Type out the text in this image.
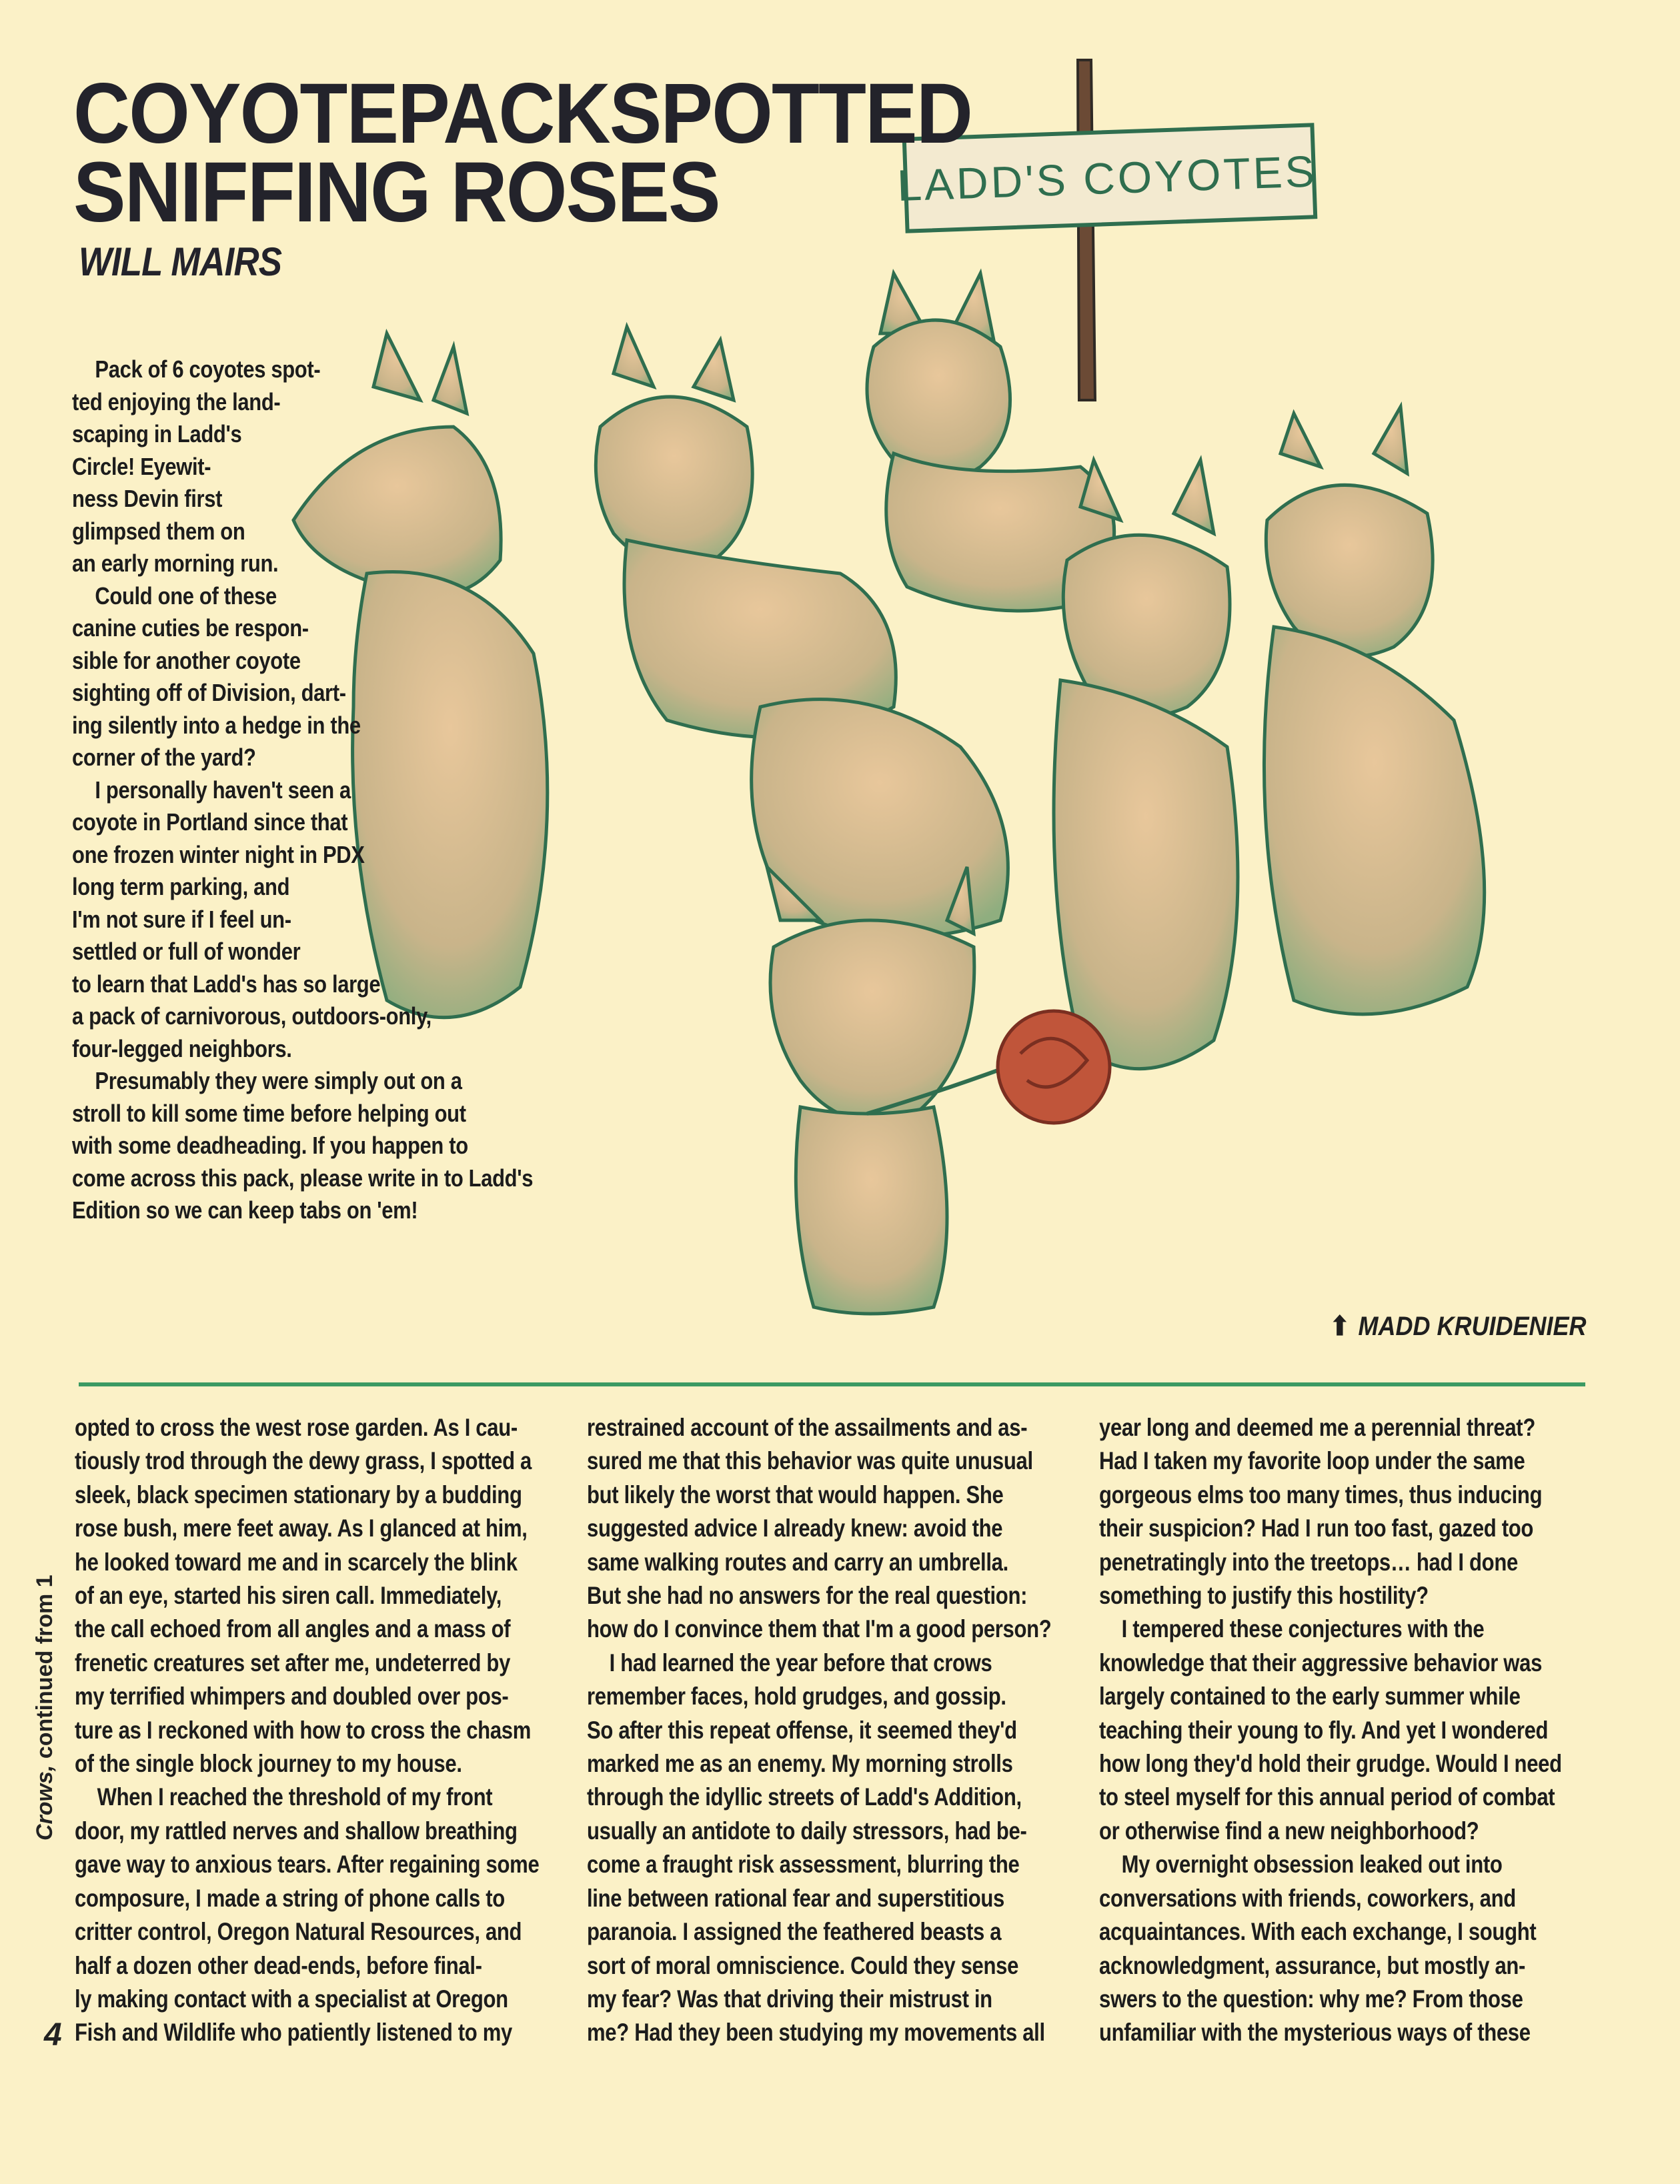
LADD'S COYOTES
COYOTE PACK SPOTTED
SNIFFING ROSES
WILL MAIRS
Pack of 6 coyotes spot-
ted enjoying the land-
scaping in Ladd's
Circle! Eyewit-
ness Devin first
glimpsed them on
an early morning run.
Could one of these
canine cuties be respon-
sible for another coyote
sighting off of Division, dart-
ing silently into a hedge in the
corner of the yard?
I personally haven't seen a
coyote in Portland since that
one frozen winter night in PDX
long term parking, and
I'm not sure if I feel un-
settled or full of wonder
to learn that Ladd's has so large
a pack of carnivorous, outdoors-only,
four-legged neighbors.
Presumably they were simply out on a
stroll to kill some time before helping out
with some deadheading. If you happen to
come across this pack, please write in to Ladd's
Edition so we can keep tabs on 'em!
⬆ MADD KRUIDENIER
Crows, continued from 1
opted to cross the west rose garden. As I cau-
tiously trod through the dewy grass, I spotted a
sleek, black specimen stationary by a budding
rose bush, mere feet away. As I glanced at him,
he looked toward me and in scarcely the blink
of an eye, started his siren call. Immediately,
the call echoed from all angles and a mass of
frenetic creatures set after me, undeterred by
my terrified whimpers and doubled over pos-
ture as I reckoned with how to cross the chasm
of the single block journey to my house.
When I reached the threshold of my front
door, my rattled nerves and shallow breathing
gave way to anxious tears. After regaining some
composure, I made a string of phone calls to
critter control, Oregon Natural Resources, and
half a dozen other dead-ends, before final-
ly making contact with a specialist at Oregon
Fish and Wildlife who patiently listened to my
restrained account of the assailments and as-
sured me that this behavior was quite unusual
but likely the worst that would happen. She
suggested advice I already knew: avoid the
same walking routes and carry an umbrella.
But she had no answers for the real question:
how do I convince them that I'm a good person?
I had learned the year before that crows
remember faces, hold grudges, and gossip.
So after this repeat offense, it seemed they'd
marked me as an enemy. My morning strolls
through the idyllic streets of Ladd's Addition,
usually an antidote to daily stressors, had be-
come a fraught risk assessment, blurring the
line between rational fear and superstitious
paranoia. I assigned the feathered beasts a
sort of moral omniscience. Could they sense
my fear? Was that driving their mistrust in
me? Had they been studying my movements all
year long and deemed me a perennial threat?
Had I taken my favorite loop under the same
gorgeous elms too many times, thus inducing
their suspicion? Had I run too fast, gazed too
penetratingly into the treetops… had I done
something to justify this hostility?
I tempered these conjectures with the
knowledge that their aggressive behavior was
largely contained to the early summer while
teaching their young to fly. And yet I wondered
how long they'd hold their grudge. Would I need
to steel myself for this annual period of combat
or otherwise find a new neighborhood?
My overnight obsession leaked out into
conversations with friends, coworkers, and
acquaintances. With each exchange, I sought
acknowledgment, assurance, but mostly an-
swers to the question: why me? From those
unfamiliar with the mysterious ways of these
4
